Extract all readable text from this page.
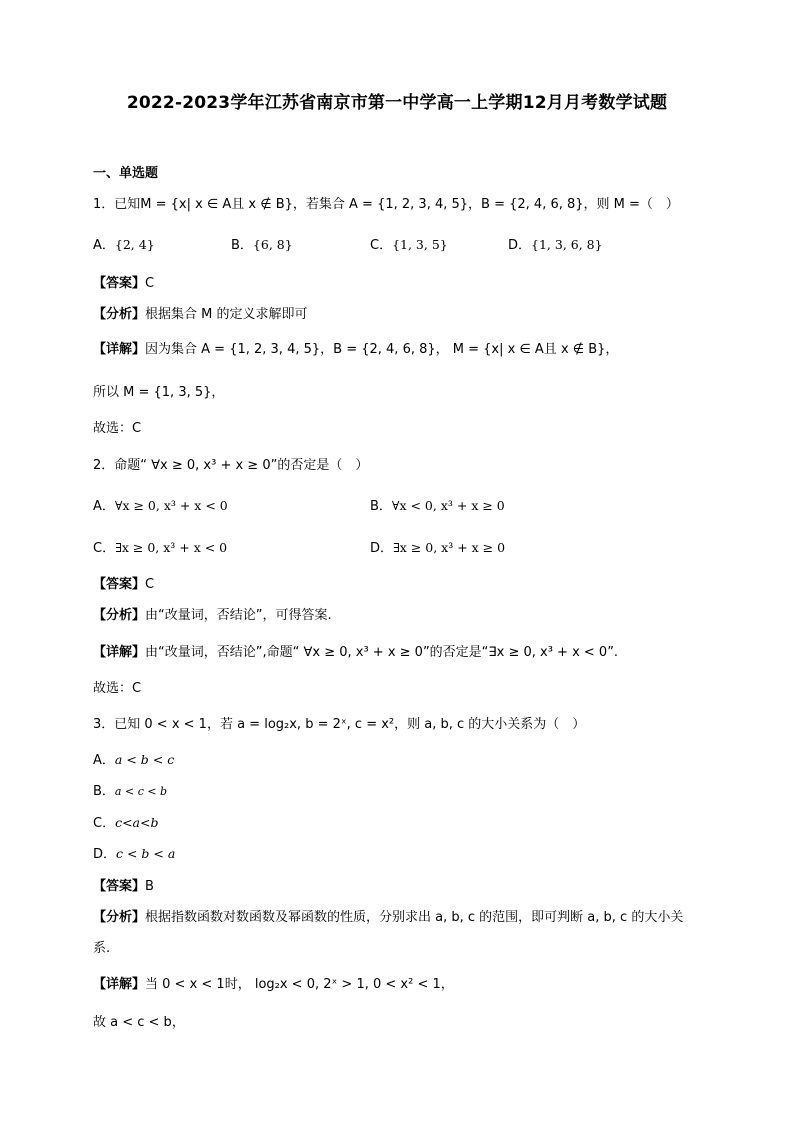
2022-2023学年江苏省南京市第一中学高一上学期12月月考数学试题
一、单选题
1．已知M = {x| x ∈ A且 x ∉ B}，若集合 A = {1, 2, 3, 4, 5}，B = {2, 4, 6, 8}，则 M =（　）
A．{2, 4}	B．{6, 8}	C．{1, 3, 5}	D．{1, 3, 6, 8}
【答案】C
【分析】根据集合 M 的定义求解即可
【详解】因为集合 A = {1, 2, 3, 4, 5}，B = {2, 4, 6, 8}， M = {x| x ∈ A且 x ∉ B}，
所以 M = {1, 3, 5}，
故选：C
2．命题“ ∀x ≥ 0, x³ + x ≥ 0”的否定是（　）
A．∀x ≥ 0, x³ + x < 0	B．∀x < 0, x³ + x ≥ 0
C．∃x ≥ 0, x³ + x < 0	D．∃x ≥ 0, x³ + x ≥ 0
【答案】C
【分析】由“改量词，否结论”，可得答案.
【详解】由“改量词，否结论”,命题“ ∀x ≥ 0, x³ + x ≥ 0”的否定是“∃x ≥ 0, x³ + x < 0”.
故选：C
3．已知 0 < x < 1，若 a = log₂x, b = 2ˣ, c = x²，则 a, b, c 的大小关系为（　）
A．a < b < c
B．a < c < b
C．c<a<b
D．c < b < a
【答案】B
【分析】根据指数函数对数函数及幂函数的性质，分别求出 a, b, c 的范围，即可判断 a, b, c 的大小关
系.
【详解】当 0 < x < 1时， log₂x < 0, 2ˣ > 1, 0 < x² < 1，
故 a < c < b，
